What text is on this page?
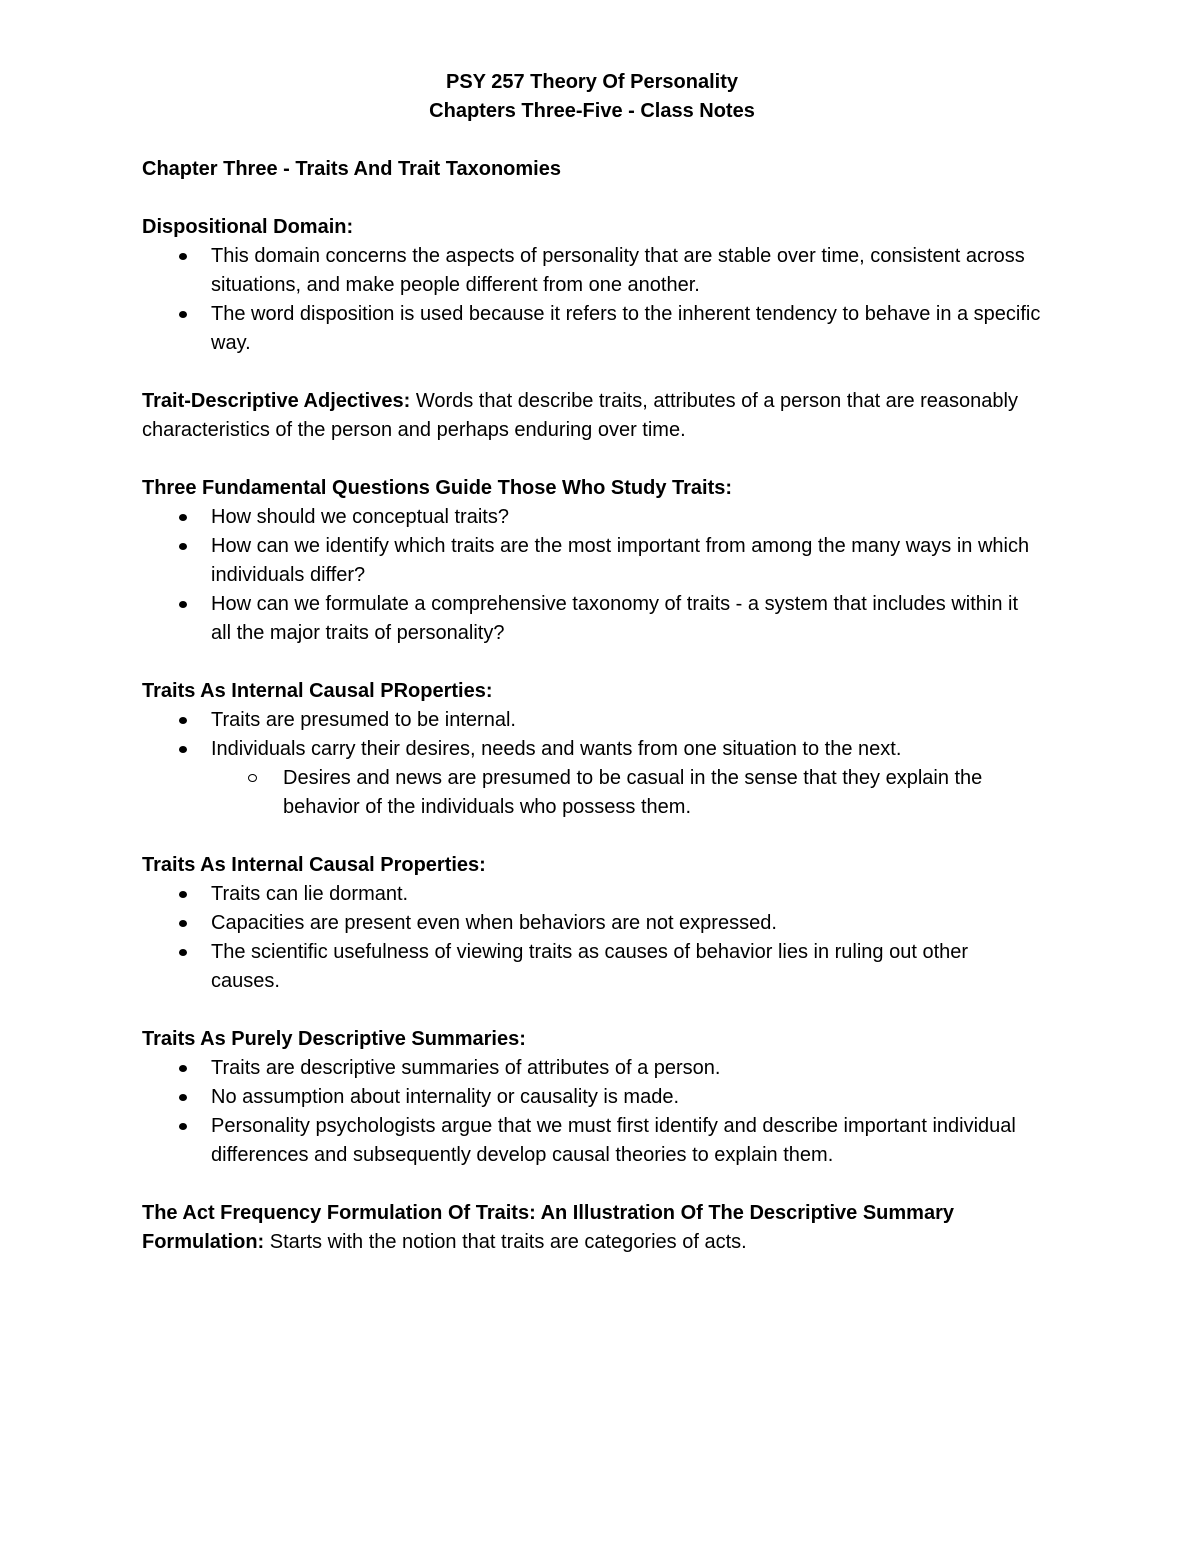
PSY 257 Theory Of Personality
Chapters Three-Five - Class Notes
Chapter Three - Traits And Trait Taxonomies
Dispositional Domain:
This domain concerns the aspects of personality that are stable over time, consistent across situations, and make people different from one another.
The word disposition is used because it refers to the inherent tendency to behave in a specific way.

Trait-Descriptive Adjectives: Words that describe traits, attributes of a person that are reasonably characteristics of the person and perhaps enduring over time.

Three Fundamental Questions Guide Those Who Study Traits:
How should we conceptual traits?
How can we identify which traits are the most important from among the many ways in which individuals differ?
How can we formulate a comprehensive taxonomy of traits - a system that includes within it all the major traits of personality?
Traits As Internal Causal PRoperties:
Traits are presumed to be internal.
Individuals carry their desires, needs and wants from one situation to the next.
Desires and news are presumed to be casual in the sense that they explain the behavior of the individuals who possess them.
Traits As Internal Causal Properties:
Traits can lie dormant.
Capacities are present even when behaviors are not expressed.
The scientific usefulness of viewing traits as causes of behavior lies in ruling out other causes.
Traits As Purely Descriptive Summaries:
Traits are descriptive summaries of attributes of a person.
No assumption about internality or causality is made.
Personality psychologists argue that we must first identify and describe important individual differences and subsequently develop causal theories to explain them.

The Act Frequency Formulation Of Traits: An Illustration Of The Descriptive Summary Formulation: Starts with the notion that traits are categories of acts.
